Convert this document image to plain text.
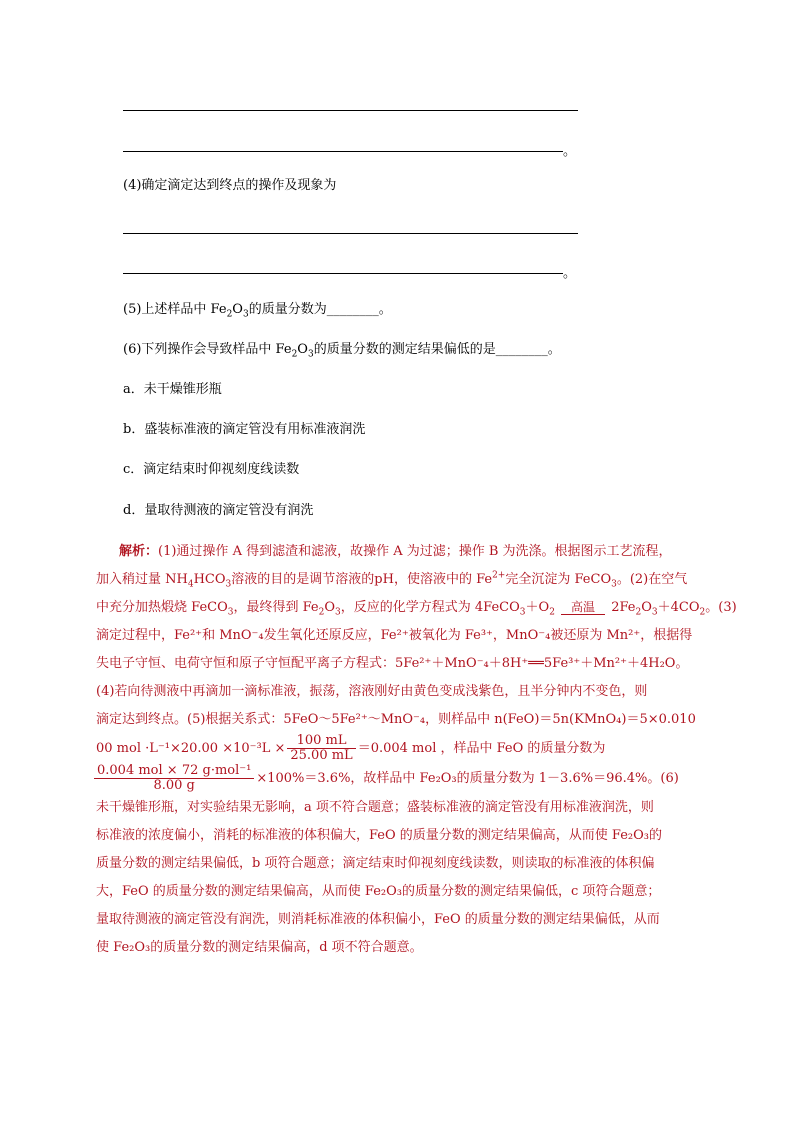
。
(4)确定滴定达到终点的操作及现象为
。
(5)上述样品中 $Fe_2O_3$的质量分数为________。
(6)下列操作会导致样品中 $Fe_2O_3$的质量分数的测定结果偏低的是________。
a．未干燥锥形瓶
b．盛装标准液的滴定管没有用标准液润洗
c．滴定结束时仰视刻度线读数
d．量取待测液的滴定管没有润洗
解析：(1)通过操作 A 得到滤渣和滤液，故操作 A 为过滤；操作 B 为洗涤。根据图示工艺流程，
加入稍过量 $NH_4HCO_3$溶液的目的是调节溶液的pH，使溶液中的 $Fe^{2+}$完全沉淀为 FeCO$_3$。(2)在空气
中充分加热煅烧 FeCO$_3$，最终得到 $Fe_2O_3$，反应的化学方程式为 $4FeCO_3+O_2$	高温	$2Fe_2O_3+4CO_2$。(3)
滴定过程中，Fe²⁺和 MnO⁻₄发生氧化还原反应，Fe²⁺被氧化为 Fe³⁺，MnO⁻₄被还原为 Mn²⁺，根据得
失电子守恒、电荷守恒和原子守恒配平离子方程式：5Fe²⁺＋MnO⁻₄＋8H⁺══5Fe³⁺＋Mn²⁺＋4H₂O。
(4)若向待测液中再滴加一滴标准液，振荡，溶液刚好由黄色变成浅紫色，且半分钟内不变色，则
滴定达到终点。(5)根据关系式：5FeO～5Fe²⁺～MnO⁻₄，则样品中 n(FeO)＝5n(KMnO₄)＝5×0.010
00 mol $\cdot L^{-1}\times 20.00 \times 10^{-3}L \times \frac{100 mL}{25.00 mL} =0.004$ mol ，样品中 FeO 的质量分数为
$\frac{\text{0.004 mol × 72 g·mol⁻¹}}{8.00 g} \times 100\%=3.6\%$，故样品中 Fe₂O₃的质量分数为 1－3.6%＝96.4%。(6)
未干燥锥形瓶，对实验结果无影响，a 项不符合题意；盛装标准液的滴定管没有用标准液润洗，则
标准液的浓度偏小，消耗的标准液的体积偏大，FeO 的质量分数的测定结果偏高，从而使 Fe₂O₃的
质量分数的测定结果偏低，b 项符合题意；滴定结束时仰视刻度线读数，则读取的标准液的体积偏
大，FeO 的质量分数的测定结果偏高，从而使 Fe₂O₃的质量分数的测定结果偏低，c 项符合题意；
量取待测液的滴定管没有润洗，则消耗标准液的体积偏小，FeO 的质量分数的测定结果偏低，从而
使 Fe₂O₃的质量分数的测定结果偏高，d 项不符合题意。
